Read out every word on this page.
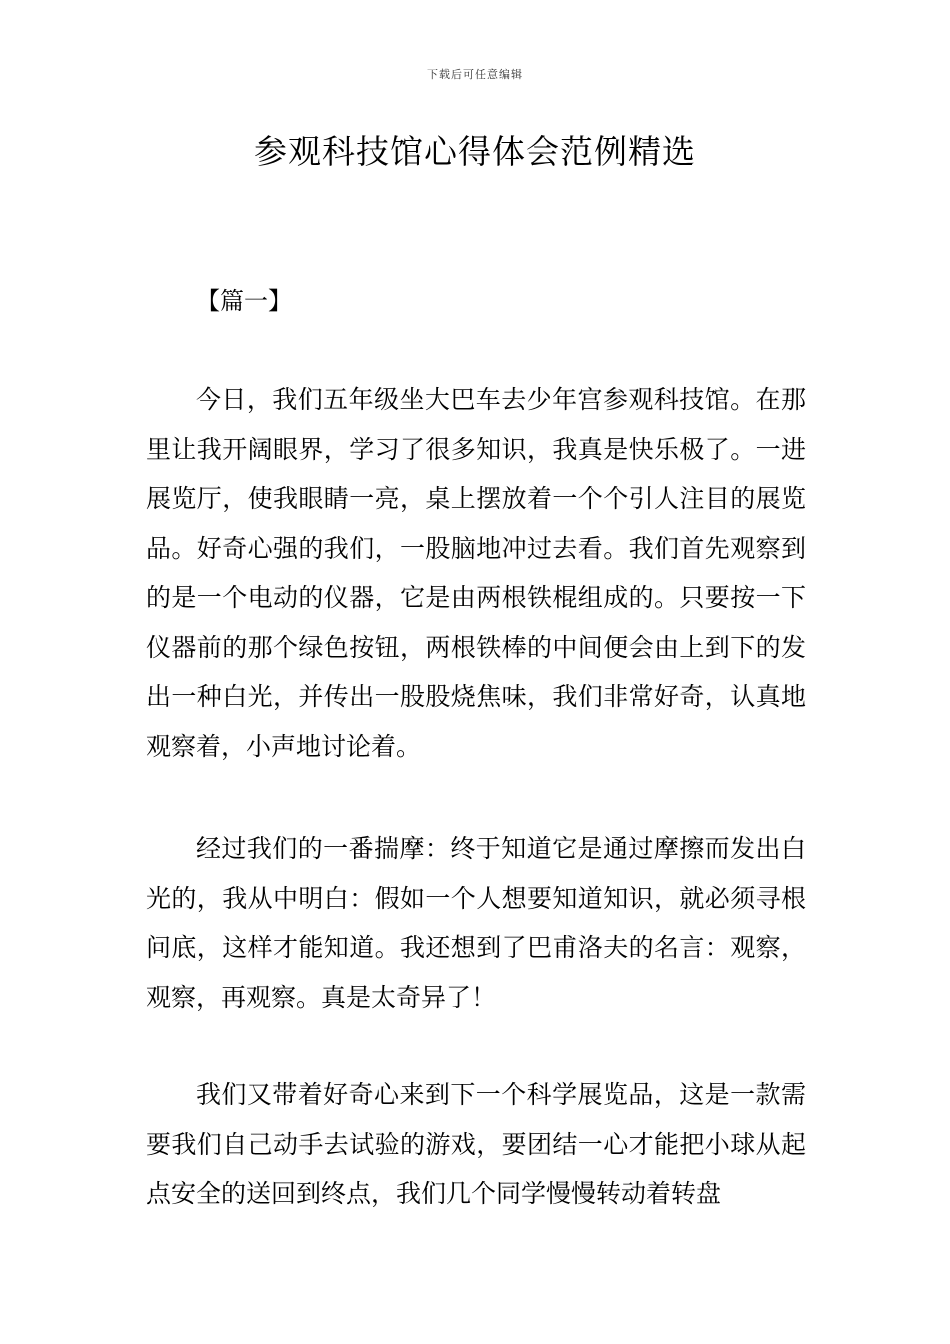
下载后可任意编辑
参观科技馆心得体会范例精选
【篇一】

今日，我们五年级坐大巴车去少年宫参观科技馆。在那里让我开阔眼界，学习了很多知识，我真是快乐极了。一进展览厅，使我眼睛一亮，桌上摆放着一个个引人注目的展览品。好奇心强的我们，一股脑地冲过去看。我们首先观察到的是一个电动的仪器，它是由两根铁棍组成的。只要按一下仪器前的那个绿色按钮，两根铁棒的中间便会由上到下的发出一种白光，并传出一股股烧焦味，我们非常好奇，认真地观察着，小声地讨论着。

经过我们的一番揣摩：终于知道它是通过摩擦而发出白光的，我从中明白：假如一个人想要知道知识，就必须寻根问底，这样才能知道。我还想到了巴甫洛夫的名言：观察，观察，再观察。真是太奇异了！

我们又带着好奇心来到下一个科学展览品，这是一款需要我们自己动手去试验的游戏，要团结一心才能把小球从起点安全的送回到终点，我们几个同学慢慢转动着转盘
